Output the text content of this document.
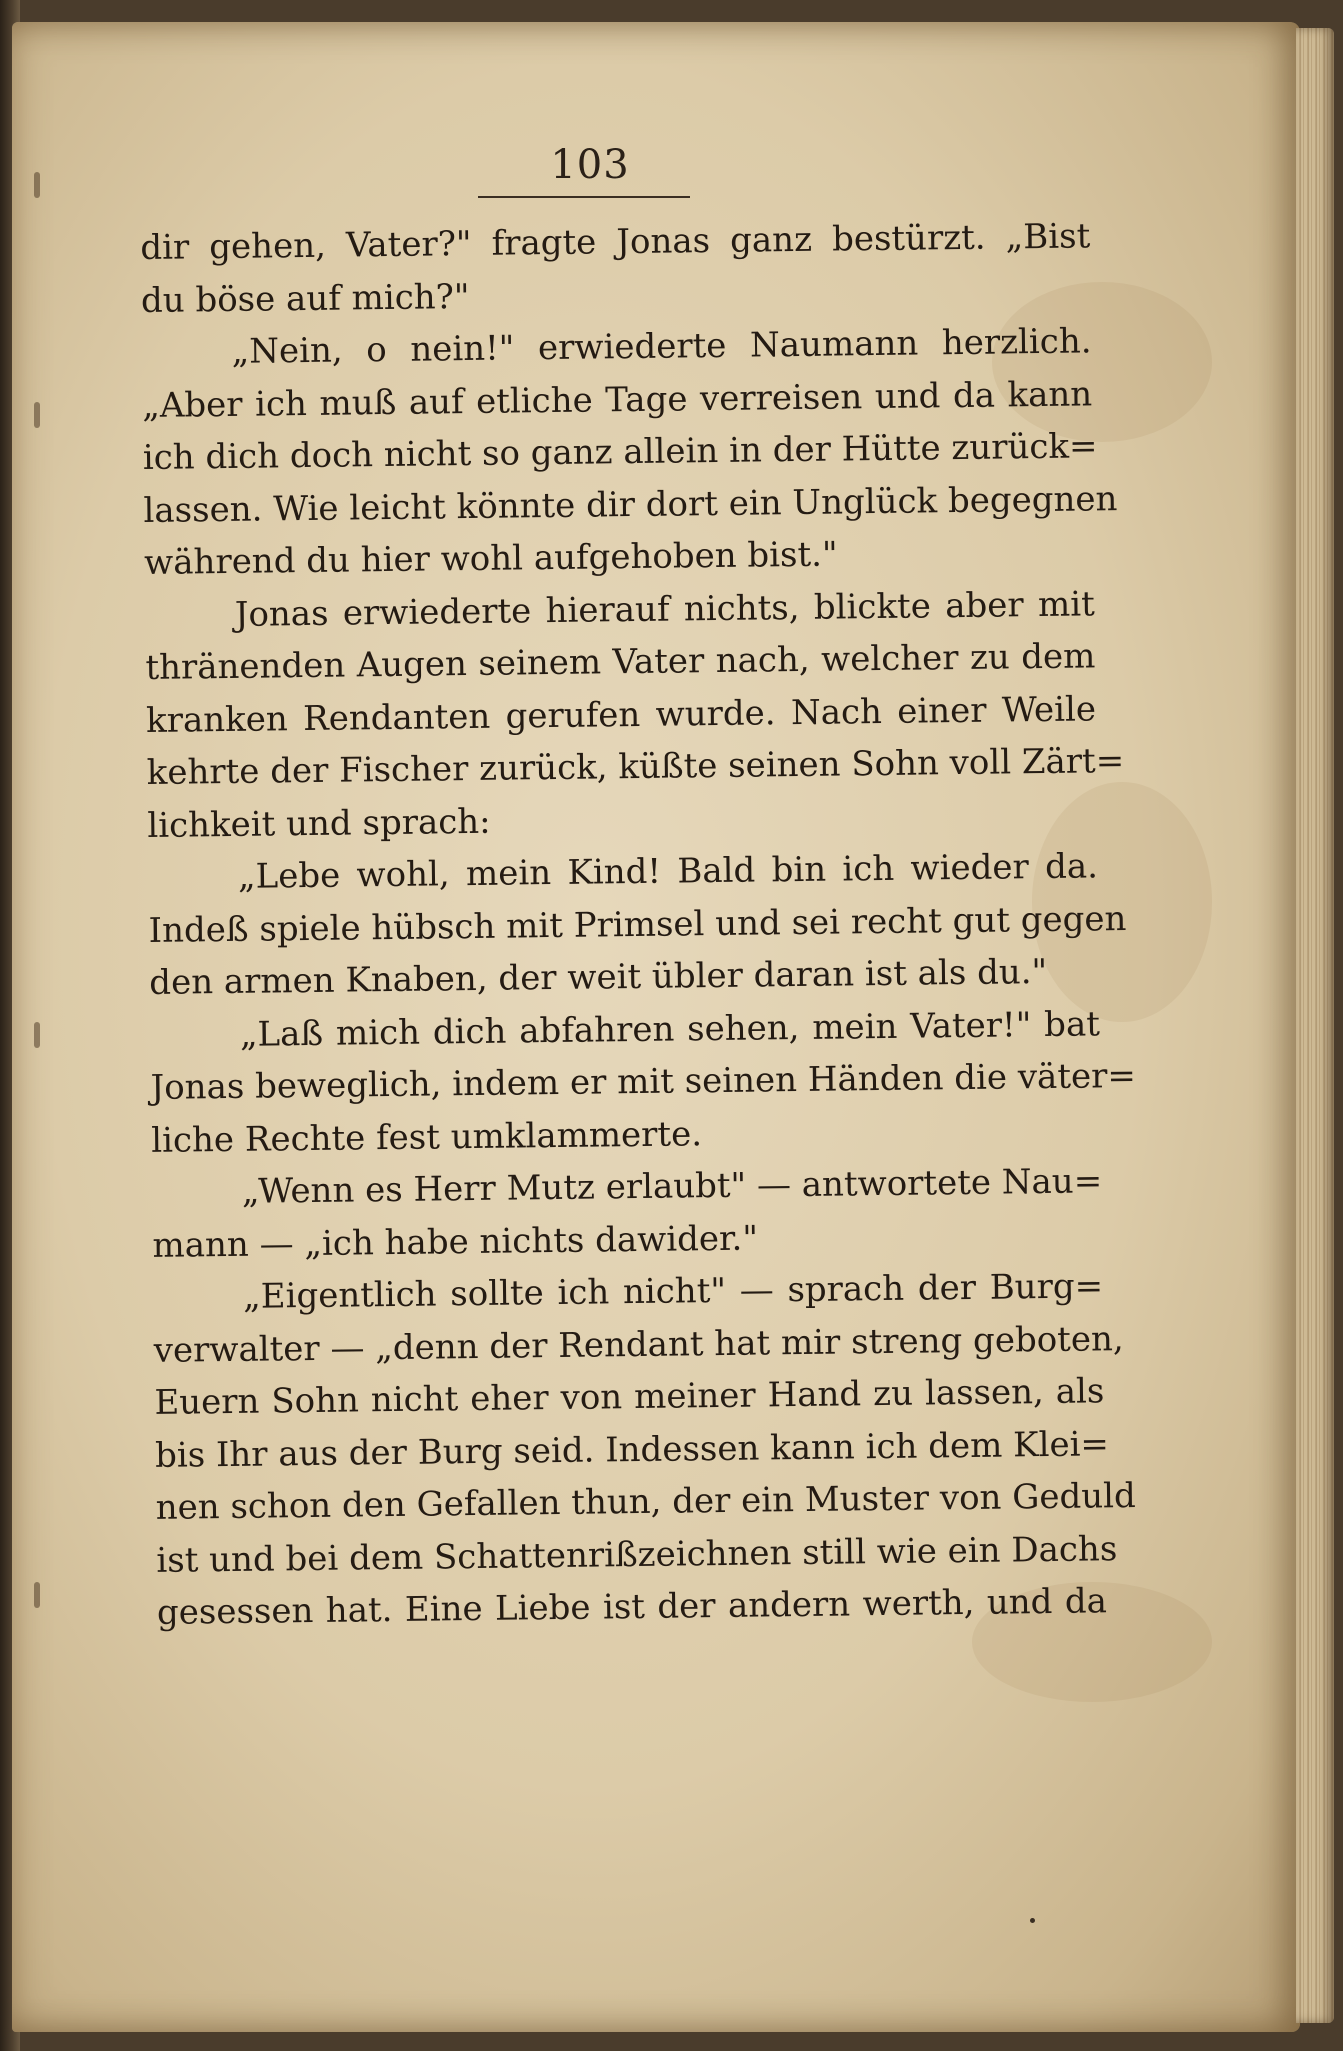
103
dir gehen, Vater?" fragte Jonas ganz bestürzt. „Bist
du böse auf mich?"
„Nein, o nein!" erwiederte Naumann herzlich.
„Aber ich muß auf etliche Tage verreisen und da kann
ich dich doch nicht so ganz allein in der Hütte zurück=
lassen. Wie leicht könnte dir dort ein Unglück begegnen
während du hier wohl aufgehoben bist."
Jonas erwiederte hierauf nichts, blickte aber mit
thränenden Augen seinem Vater nach, welcher zu dem
kranken Rendanten gerufen wurde. Nach einer Weile
kehrte der Fischer zurück, küßte seinen Sohn voll Zärt=
lichkeit und sprach:
„Lebe wohl, mein Kind! Bald bin ich wieder da.
Indeß spiele hübsch mit Primsel und sei recht gut gegen
den armen Knaben, der weit übler daran ist als du."
„Laß mich dich abfahren sehen, mein Vater!" bat
Jonas beweglich, indem er mit seinen Händen die väter=
liche Rechte fest umklammerte.
„Wenn es Herr Mutz erlaubt" — antwortete Nau=
mann — „ich habe nichts dawider."
„Eigentlich sollte ich nicht" — sprach der Burg=
verwalter — „denn der Rendant hat mir streng geboten,
Euern Sohn nicht eher von meiner Hand zu lassen, als
bis Ihr aus der Burg seid. Indessen kann ich dem Klei=
nen schon den Gefallen thun, der ein Muster von Geduld
ist und bei dem Schattenrißzeichnen still wie ein Dachs
gesessen hat. Eine Liebe ist der andern werth, und da
